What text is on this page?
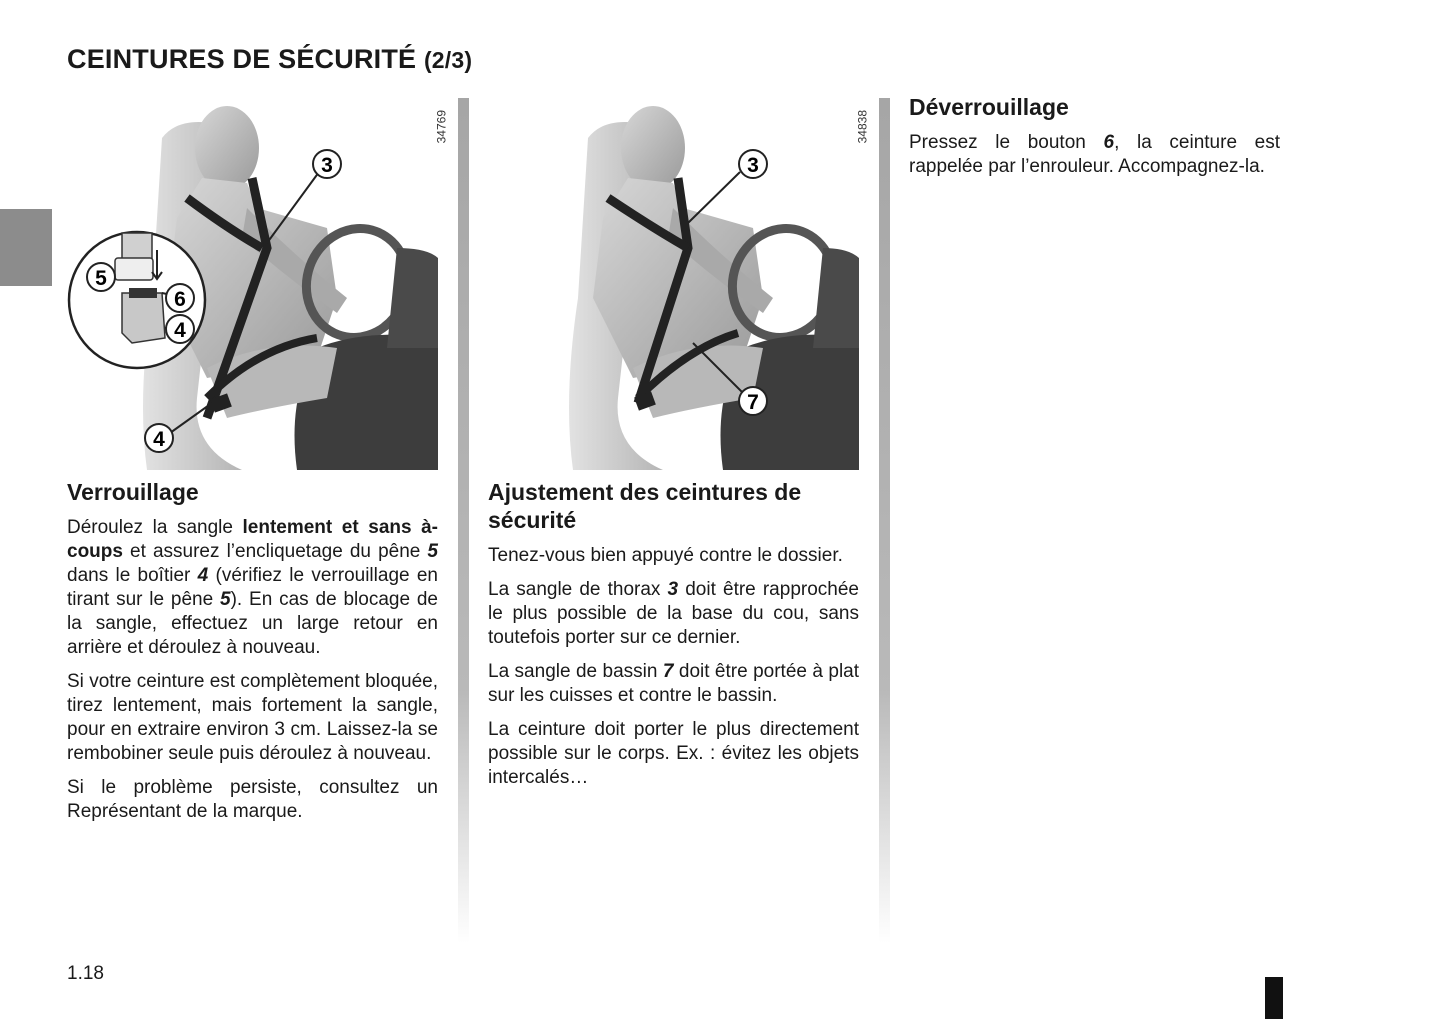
CEINTURES DE SÉCURITÉ (2/3)
3
5
6
4
4
34769
Verrouillage

Déroulez la sangle lentement et sans à-coups et assurez l’encliquetage du pêne 5 dans le boîtier 4 (vérifiez le verrouillage en tirant sur le pêne 5). En cas de blocage de la sangle, effectuez un large retour en arrière et déroulez à nouveau.

Si votre ceinture est complètement bloquée, tirez lentement, mais fortement la sangle, pour en extraire environ 3 cm. Laissez-la se rembobiner seule puis déroulez à nouveau.

Si le problème persiste, consultez un Représentant de la marque.

3
7
34838
Ajustement des ceintures de sécurité

Tenez-vous bien appuyé contre le dossier.

La sangle de thorax 3 doit être rapprochée le plus possible de la base du cou, sans toutefois porter sur ce dernier.

La sangle de bassin 7 doit être portée à plat sur les cuisses et contre le bassin.

La ceinture doit porter le plus directement possible sur le corps. Ex. : évitez les objets intercalés…

Déverrouillage

Pressez le bouton 6, la ceinture est rappelée par l’enrouleur. Accompagnez-la.

1.18
